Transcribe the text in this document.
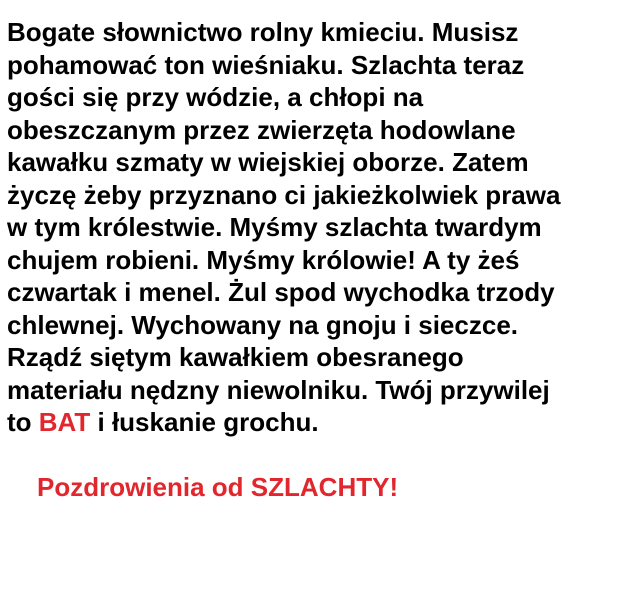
Bogate słownictwo rolny kmieciu. Musisz
pohamować ton wieśniaku. Szlachta teraz
gości się przy wódzie, a chłopi na
obeszczanym przez zwierzęta hodowlane
kawałku szmaty w wiejskiej oborze. Zatem
życzę żeby przyznano ci jakieżkolwiek prawa
w tym królestwie. Myśmy szlachta twardym
chujem robieni. Myśmy królowie! A ty żeś
czwartak i menel. Żul spod wychodka trzody
chlewnej. Wychowany na gnoju i sieczce.
Rządź siętym kawałkiem obesranego
materiału nędzny niewolniku. Twój przywilej
to BAT i łuskanie grochu.
Pozdrowienia od SZLACHTY!
